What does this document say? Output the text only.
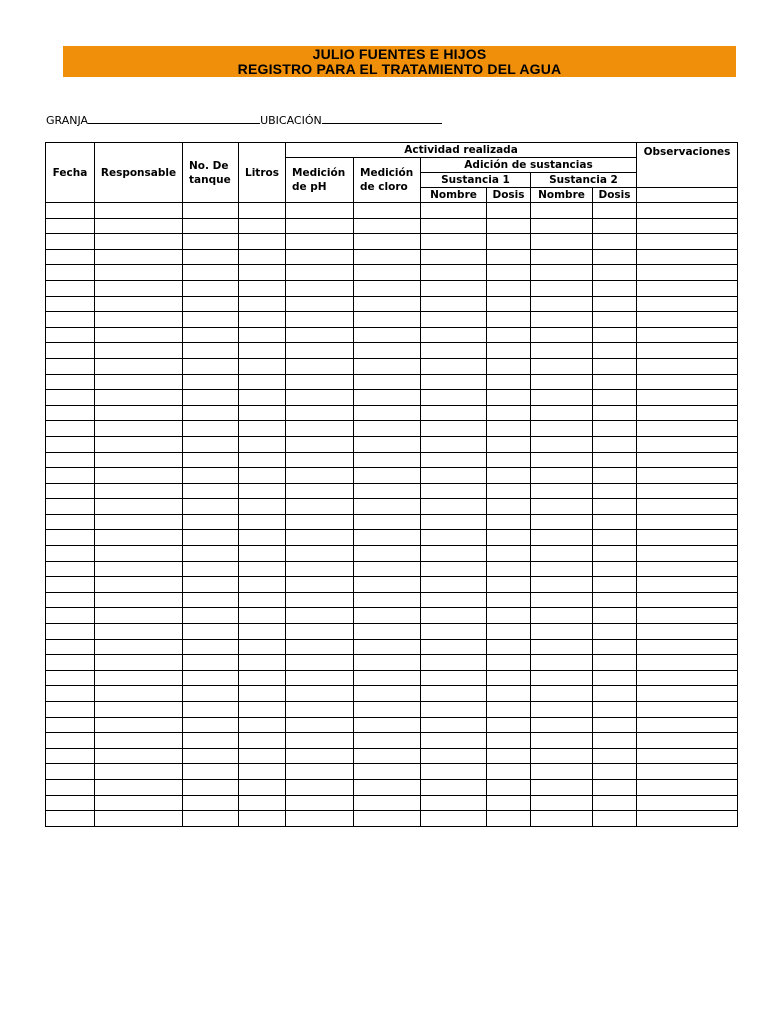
JULIO FUENTES E HIJOS
REGISTRO PARA EL TRATAMIENTO DEL AGUA
GRANJA	UBICACIÓN
Fecha	Responsable	No. De tanque	Litros	Actividad realizada						Observaciones
				Medición de pH	Medición de cloro	Adición de sustancias				
						Sustancia 1		Sustancia 2		
						Nombre	Dosis	Nombre	Dosis	
